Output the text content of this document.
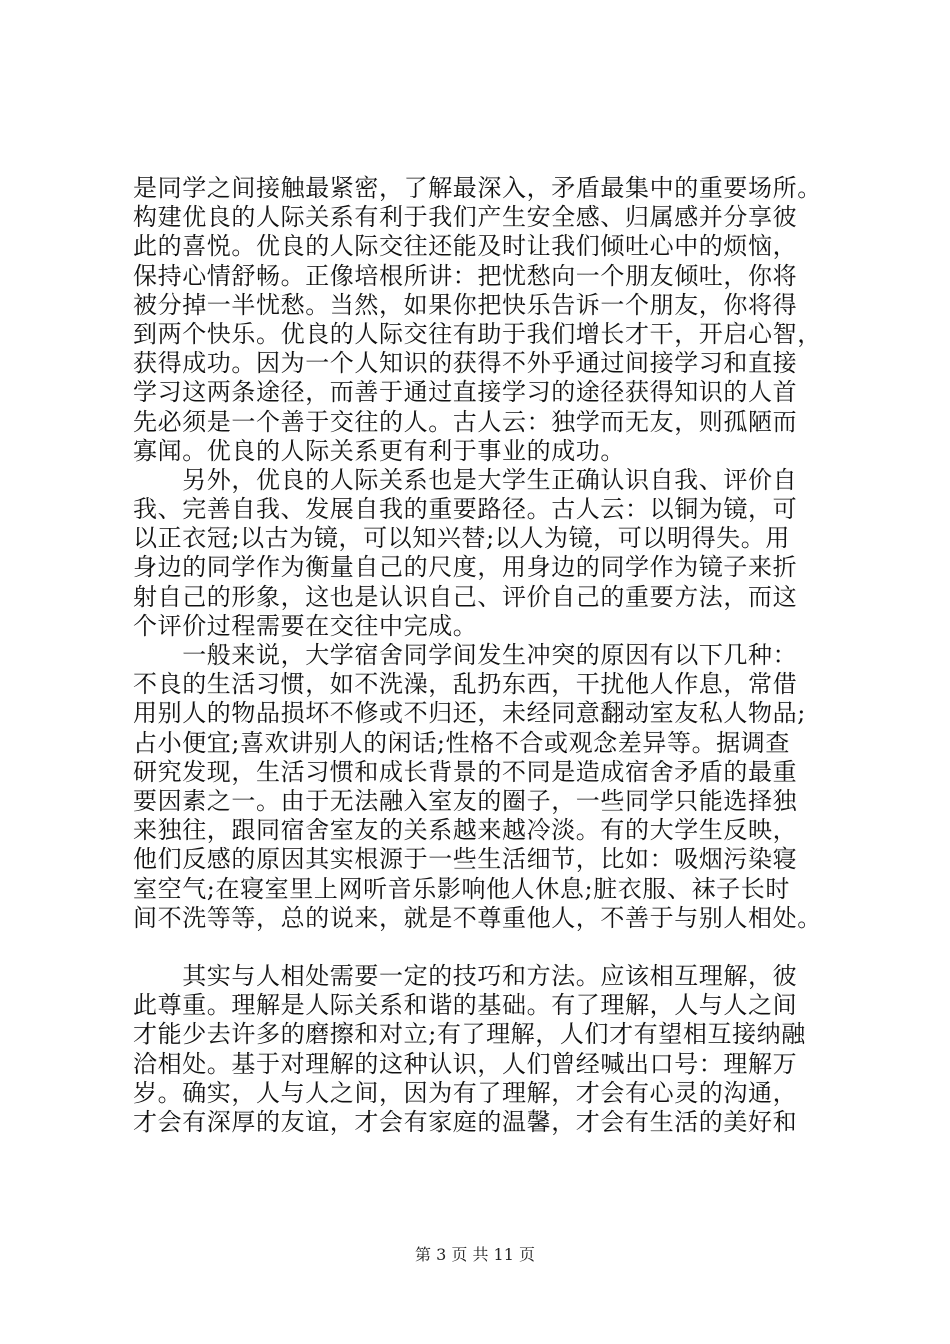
是同学之间接触最紧密，了解最深入，矛盾最集中的重要场所。
构建优良的人际关系有利于我们产生安全感、归属感并分享彼
此的喜悦。优良的人际交往还能及时让我们倾吐心中的烦恼，
保持心情舒畅。正像培根所讲：把忧愁向一个朋友倾吐，你将
被分掉一半忧愁。当然，如果你把快乐告诉一个朋友，你将得
到两个快乐。优良的人际交往有助于我们增长才干，开启心智，
获得成功。因为一个人知识的获得不外乎通过间接学习和直接
学习这两条途径，而善于通过直接学习的途径获得知识的人首
先必须是一个善于交往的人。古人云：独学而无友，则孤陋而
寡闻。优良的人际关系更有利于事业的成功。
　　另外，优良的人际关系也是大学生正确认识自我、评价自
我、完善自我、发展自我的重要路径。古人云：以铜为镜，可
以正衣冠;以古为镜，可以知兴替;以人为镜，可以明得失。用
身边的同学作为衡量自己的尺度，用身边的同学作为镜子来折
射自己的形象，这也是认识自己、评价自己的重要方法，而这
个评价过程需要在交往中完成。
　　一般来说，大学宿舍同学间发生冲突的原因有以下几种：
不良的生活习惯，如不洗澡，乱扔东西，干扰他人作息，常借
用别人的物品损坏不修或不归还，未经同意翻动室友私人物品;
占小便宜;喜欢讲别人的闲话;性格不合或观念差异等。据调查
研究发现，生活习惯和成长背景的不同是造成宿舍矛盾的最重
要因素之一。由于无法融入室友的圈子，一些同学只能选择独
来独往，跟同宿舍室友的关系越来越冷淡。有的大学生反映，
他们反感的原因其实根源于一些生活细节，比如：吸烟污染寝
室空气;在寝室里上网听音乐影响他人休息;脏衣服、袜子长时
间不洗等等，总的说来，就是不尊重他人，不善于与别人相处。
　　其实与人相处需要一定的技巧和方法。应该相互理解，彼
此尊重。理解是人际关系和谐的基础。有了理解，人与人之间
才能少去许多的磨擦和对立;有了理解，人们才有望相互接纳融
洽相处。基于对理解的这种认识，人们曾经喊出口号：理解万
岁。确实，人与人之间，因为有了理解，才会有心灵的沟通，
才会有深厚的友谊，才会有家庭的温馨，才会有生活的美好和
第 3 页 共 11 页
